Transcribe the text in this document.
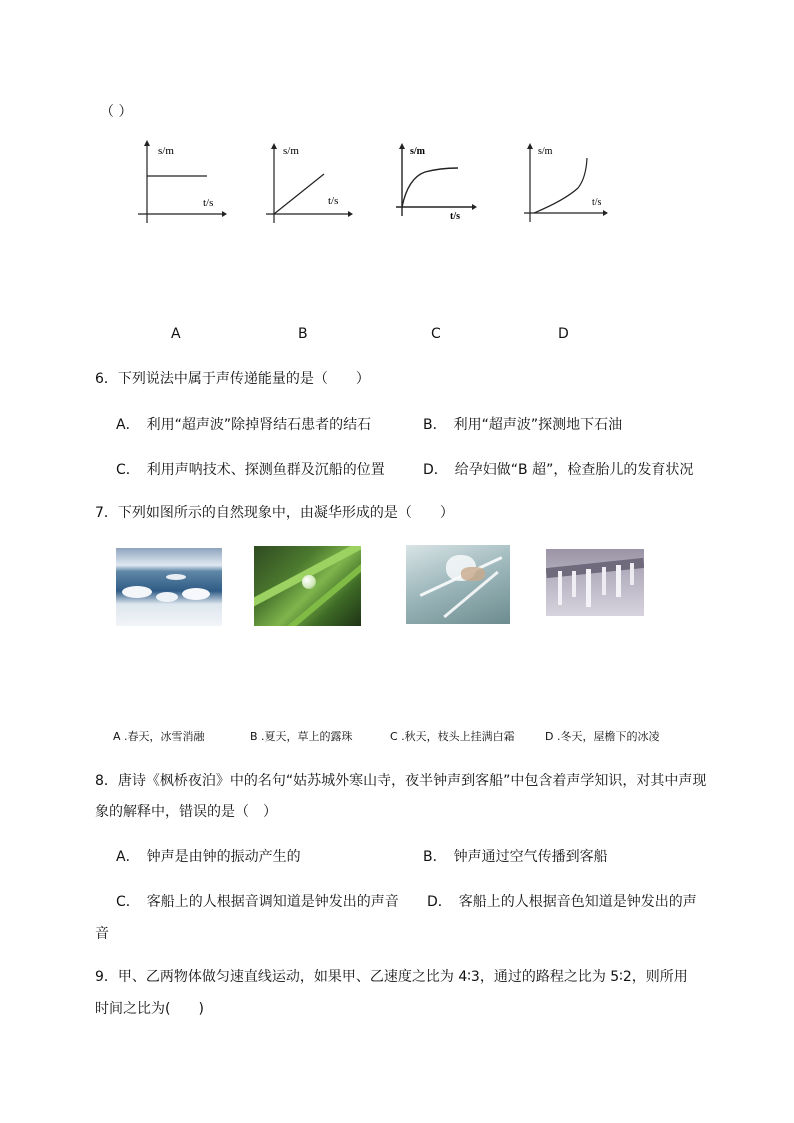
（ ）
s/m
t/s
s/m
t/s
s/m
t/s
s/m
t/s
A	B	C	D
6．下列说法中属于声传递能量的是（　　）
A．　利用“超声波”除掉肾结石患者的结石	B．　利用“超声波”探测地下石油
C．　利用声呐技术、探测鱼群及沉船的位置	D．　给孕妇做“B 超”，检查胎儿的发育状况
7．下列如图所示的自然现象中，由凝华形成的是（　　）
A .春天，冰雪消融	B .夏天，草上的露珠	C .秋天，枝头上挂满白霜	D .冬天，屋檐下的冰凌
8．唐诗《枫桥夜泊》中的名句“姑苏城外寒山寺，夜半钟声到客船”中包含着声学知识，对其中声现
象的解释中，错误的是（　）
A．　钟声是由钟的振动产生的	B．　钟声通过空气传播到客船
C．　客船上的人根据音调知道是钟发出的声音 D．　客船上的人根据音色知道是钟发出的声
音
9．甲、乙两物体做匀速直线运动，如果甲、乙速度之比为 4∶3，通过的路程之比为 5∶2，则所用
时间之比为(　　)
